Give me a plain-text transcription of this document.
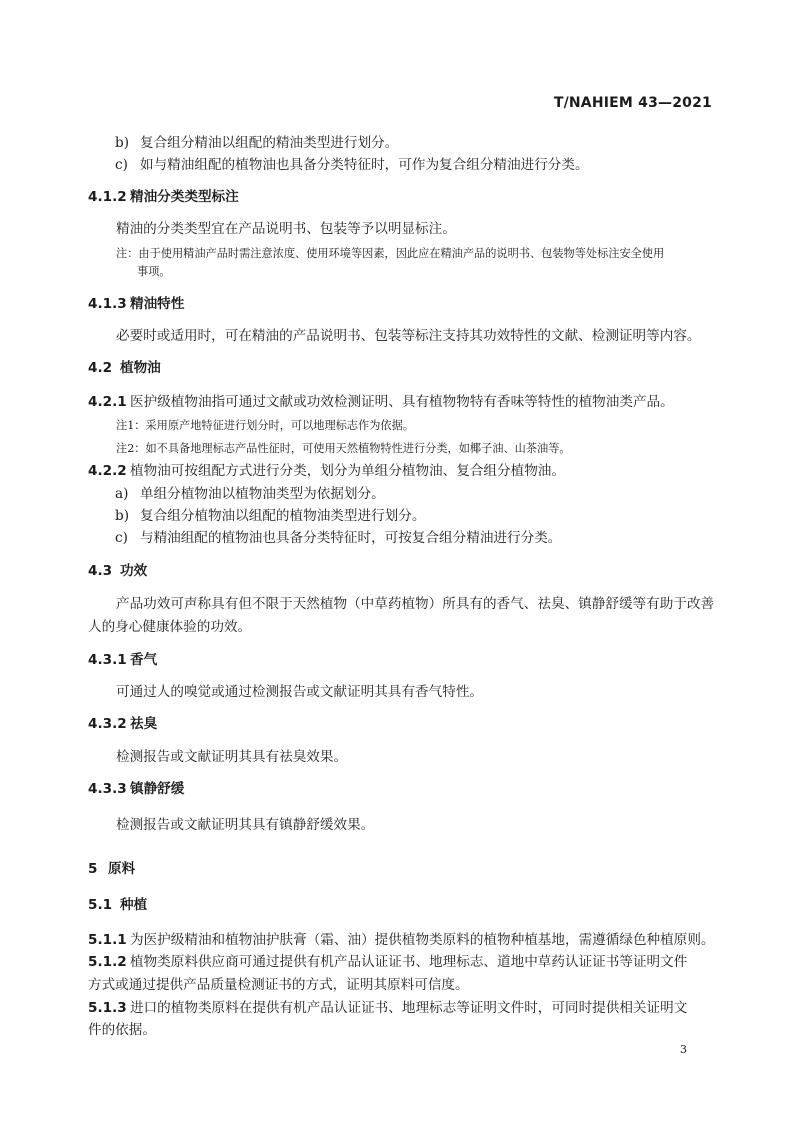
T/NAHIEM 43—2021
b) 复合组分精油以组配的精油类型进行划分。
c) 如与精油组配的植物油也具备分类特征时，可作为复合组分精油进行分类。
4.1.2 精油分类类型标注
精油的分类类型宜在产品说明书、包装等予以明显标注。
注：由于使用精油产品时需注意浓度、使用环境等因素，因此应在精油产品的说明书、包装物等处标注安全使用
事项。
4.1.3 精油特性
必要时或适用时，可在精油的产品说明书、包装等标注支持其功效特性的文献、检测证明等内容。
4.2 植物油
4.2.1 医护级植物油指可通过文献或功效检测证明、具有植物物特有香味等特性的植物油类产品。
注1：采用原产地特征进行划分时，可以地理标志作为依据。
注2：如不具备地理标志产品性征时，可使用天然植物特性进行分类，如椰子油、山茶油等。
4.2.2 植物油可按组配方式进行分类，划分为单组分植物油、复合组分植物油。
a) 单组分植物油以植物油类型为依据划分。
b) 复合组分植物油以组配的植物油类型进行划分。
c) 与精油组配的植物油也具备分类特征时，可按复合组分精油进行分类。
4.3 功效
产品功效可声称具有但不限于天然植物（中草药植物）所具有的香气、祛臭、镇静舒缓等有助于改善
人的身心健康体验的功效。
4.3.1 香气
可通过人的嗅觉或通过检测报告或文献证明其具有香气特性。
4.3.2 祛臭
检测报告或文献证明其具有祛臭效果。
4.3.3 镇静舒缓
检测报告或文献证明其具有镇静舒缓效果。
5 原料
5.1 种植
5.1.1 为医护级精油和植物油护肤膏（霜、油）提供植物类原料的植物种植基地，需遵循绿色种植原则。
5.1.2 植物类原料供应商可通过提供有机产品认证证书、地理标志、道地中草药认证证书等证明文件
方式或通过提供产品质量检测证书的方式，证明其原料可信度。
5.1.3 进口的植物类原料在提供有机产品认证证书、地理标志等证明文件时，可同时提供相关证明文
件的依据。
3
